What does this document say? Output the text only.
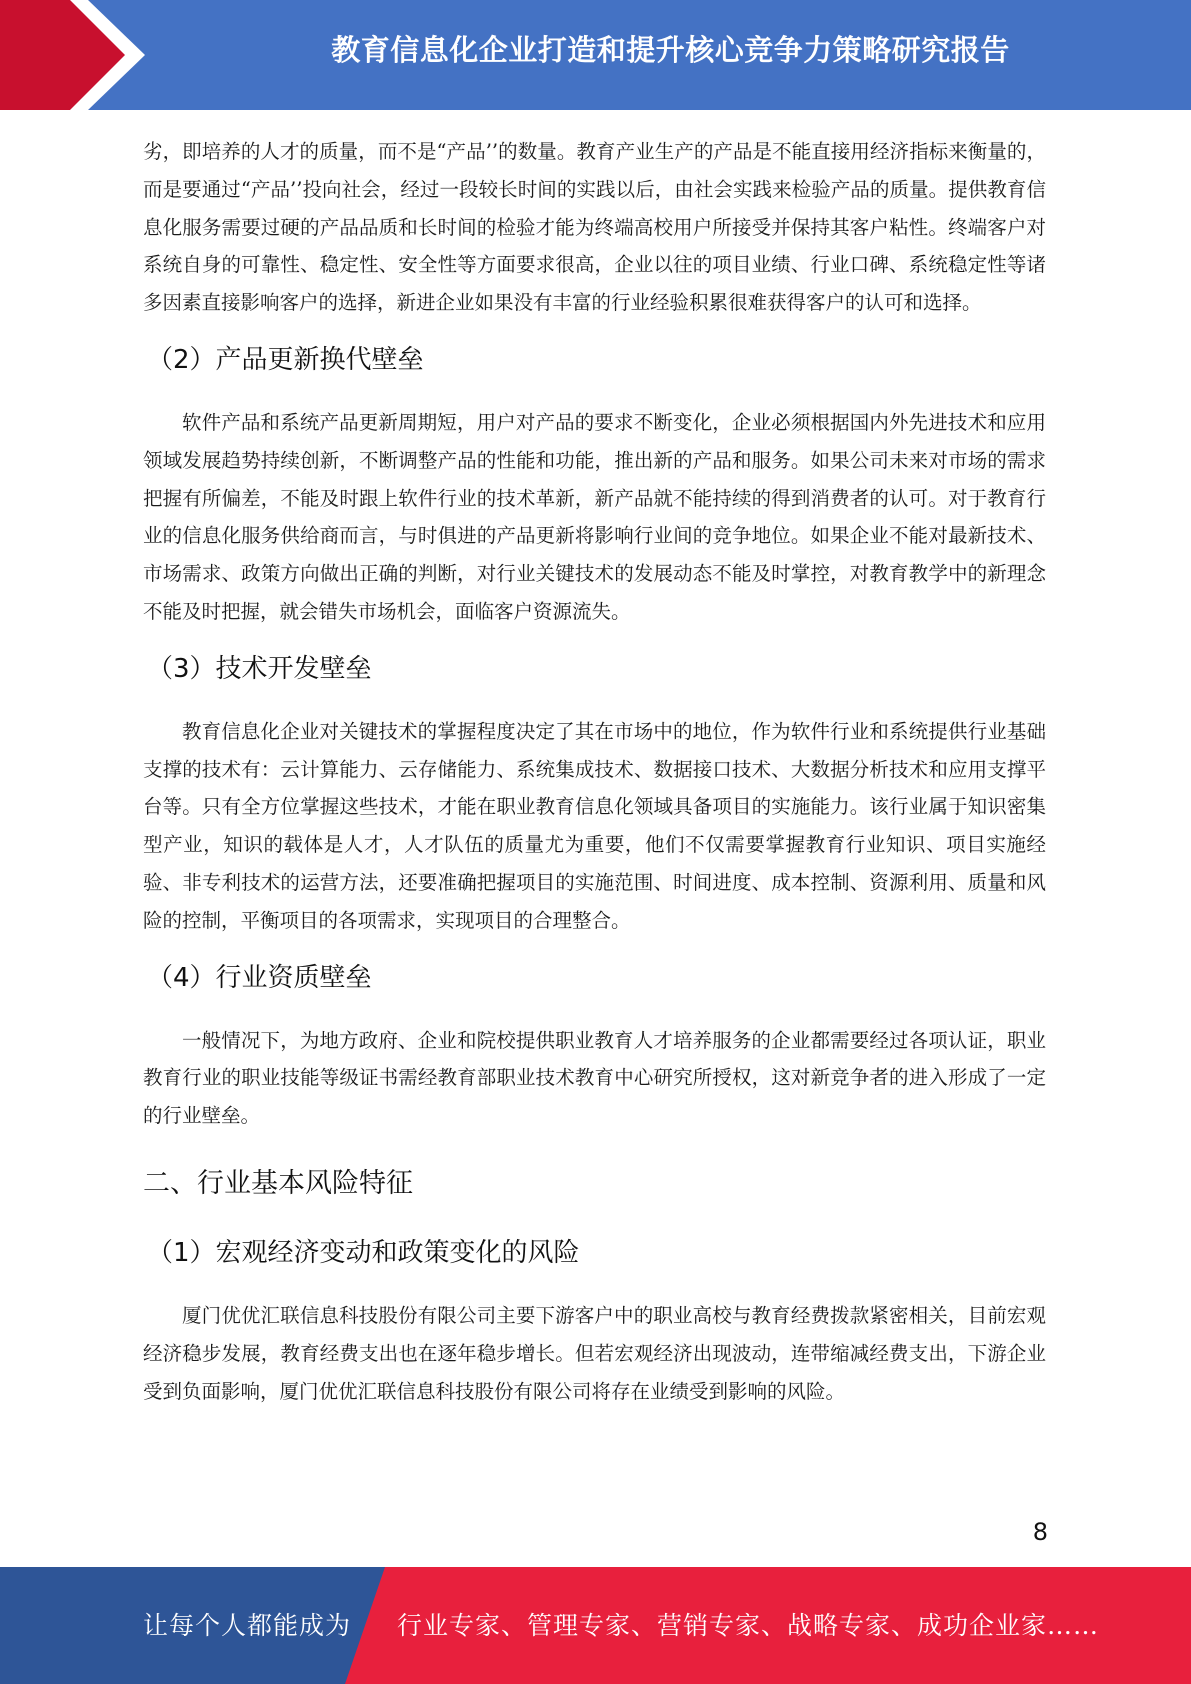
教育信息化企业打造和提升核心竞争力策略研究报告

劣，即培养的人才的质量，而不是“产品’’的数量。教育产业生产的产品是不能直接用经济指标来衡量的，而是要通过“产品’’投向社会，经过一段较长时间的实践以后，由社会实践来检验产品的质量。提供教育信息化服务需要过硬的产品品质和长时间的检验才能为终端高校用户所接受并保持其客户粘性。终端客户对系统自身的可靠性、稳定性、安全性等方面要求很高，企业以往的项目业绩、行业口碑、系统稳定性等诸多因素直接影响客户的选择，新进企业如果没有丰富的行业经验积累很难获得客户的认可和选择。

（2）产品更新换代壁垒

软件产品和系统产品更新周期短，用户对产品的要求不断变化，企业必须根据国内外先进技术和应用领域发展趋势持续创新，不断调整产品的性能和功能，推出新的产品和服务。如果公司未来对市场的需求把握有所偏差，不能及时跟上软件行业的技术革新，新产品就不能持续的得到消费者的认可。对于教育行业的信息化服务供给商而言，与时俱进的产品更新将影响行业间的竞争地位。如果企业不能对最新技术、市场需求、政策方向做出正确的判断，对行业关键技术的发展动态不能及时掌控，对教育教学中的新理念不能及时把握，就会错失市场机会，面临客户资源流失。

（3）技术开发壁垒

教育信息化企业对关键技术的掌握程度决定了其在市场中的地位，作为软件行业和系统提供行业基础支撑的技术有：云计算能力、云存储能力、系统集成技术、数据接口技术、大数据分析技术和应用支撑平台等。只有全方位掌握这些技术，才能在职业教育信息化领域具备项目的实施能力。该行业属于知识密集型产业，知识的载体是人才，人才队伍的质量尤为重要，他们不仅需要掌握教育行业知识、项目实施经验、非专利技术的运营方法，还要准确把握项目的实施范围、时间进度、成本控制、资源利用、质量和风险的控制，平衡项目的各项需求，实现项目的合理整合。

（4）行业资质壁垒

一般情况下，为地方政府、企业和院校提供职业教育人才培养服务的企业都需要经过各项认证，职业教育行业的职业技能等级证书需经教育部职业技术教育中心研究所授权，这对新竞争者的进入形成了一定的行业壁垒。

二、行业基本风险特征
（1）宏观经济变动和政策变化的风险

厦门优优汇联信息科技股份有限公司主要下游客户中的职业高校与教育经费拨款紧密相关，目前宏观经济稳步发展，教育经费支出也在逐年稳步增长。但若宏观经济出现波动，连带缩减经费支出，下游企业受到负面影响，厦门优优汇联信息科技股份有限公司将存在业绩受到影响的风险。

8
让每个人都能成为 行业专家、管理专家、营销专家、战略专家、成功企业家……
